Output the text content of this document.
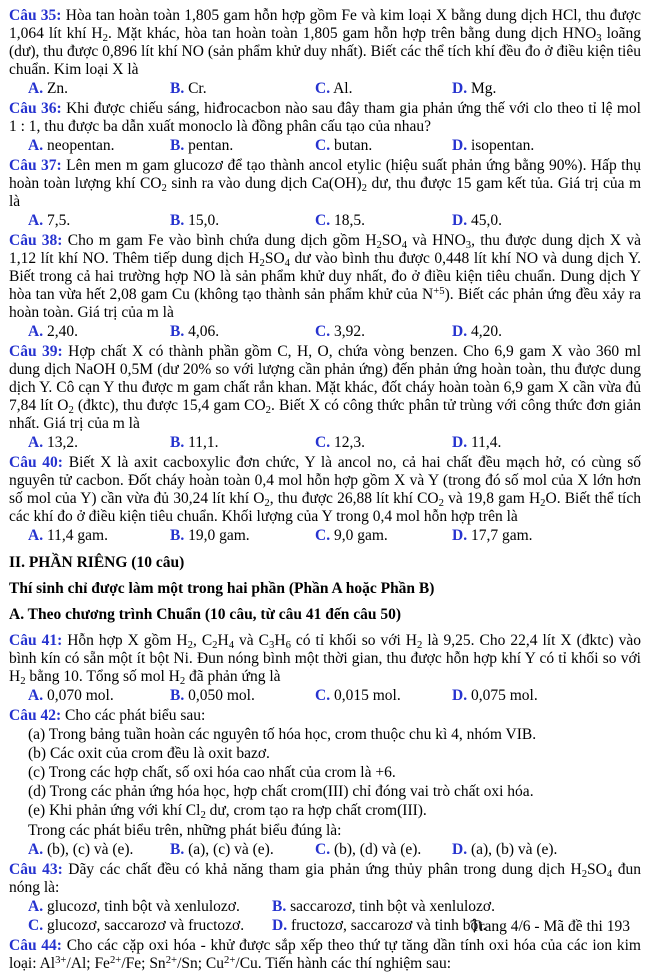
Câu 35: Hòa tan hoàn toàn 1,805 gam hỗn hợp gồm Fe và kim loại X bằng dung dịch HCl, thu được 1,064 lít khí $H_2$. Mặt khác, hòa tan hoàn toàn 1,805 gam hỗn hợp trên bằng dung dịch $HNO_3$ loãng (dư), thu được 0,896 lít khí NO (sản phẩm khử duy nhất). Biết các thể tích khí đều đo ở điều kiện tiêu chuẩn. Kim loại X là
A. Zn.	B. Cr.	C. Al.	D. Mg.
Câu 36: Khi được chiếu sáng, hiđrocacbon nào sau đây tham gia phản ứng thế với clo theo tỉ lệ mol 1 : 1, thu được ba dẫn xuất monoclo là đồng phân cấu tạo của nhau?
A. neopentan.	B. pentan.	C. butan.	D. isopentan.
Câu 37: Lên men m gam glucozơ để tạo thành ancol etylic (hiệu suất phản ứng bằng 90%). Hấp thụ hoàn toàn lượng khí $CO_2$ sinh ra vào dung dịch $Ca(OH)_2$ dư, thu được 15 gam kết tủa. Giá trị của m là
A. 7,5.	B. 15,0.	C. 18,5.	D. 45,0.
Câu 38: Cho m gam Fe vào bình chứa dung dịch gồm $H_2SO_4$ và $HNO_3$, thu được dung dịch X và 1,12 lít khí NO. Thêm tiếp dung dịch $H_2SO_4$ dư vào bình thu được 0,448 lít khí NO và dung dịch Y. Biết trong cả hai trường hợp NO là sản phẩm khử duy nhất, đo ở điều kiện tiêu chuẩn. Dung dịch Y hòa tan vừa hết 2,08 gam Cu (không tạo thành sản phẩm khử của $N^{+5}$). Biết các phản ứng đều xảy ra hoàn toàn. Giá trị của m là
A. 2,40.	B. 4,06.	C. 3,92.	D. 4,20.
Câu 39: Hợp chất X có thành phần gồm C, H, O, chứa vòng benzen. Cho 6,9 gam X vào 360 ml dung dịch NaOH 0,5M (dư 20% so với lượng cần phản ứng) đến phản ứng hoàn toàn, thu được dung dịch Y. Cô cạn Y thu được m gam chất rắn khan. Mặt khác, đốt cháy hoàn toàn 6,9 gam X cần vừa đủ 7,84 lít $O_2$ (đktc), thu được 15,4 gam $CO_2$. Biết X có công thức phân tử trùng với công thức đơn giản nhất. Giá trị của m là
A. 13,2.	B. 11,1.	C. 12,3.	D. 11,4.
Câu 40: Biết X là axit cacboxylic đơn chức, Y là ancol no, cả hai chất đều mạch hở, có cùng số nguyên tử cacbon. Đốt cháy hoàn toàn 0,4 mol hỗn hợp gồm X và Y (trong đó số mol của X lớn hơn số mol của Y) cần vừa đủ 30,24 lít khí $O_2$, thu được 26,88 lít khí $CO_2$ và 19,8 gam $H_2O$. Biết thể tích các khí đo ở điều kiện tiêu chuẩn. Khối lượng của Y trong 0,4 mol hỗn hợp trên là
A. 11,4 gam.	B. 19,0 gam.	C. 9,0 gam.	D. 17,7 gam.
II. PHẦN RIÊNG (10 câu)
Thí sinh chỉ được làm một trong hai phần (Phần A hoặc Phần B)
A. Theo chương trình Chuẩn (10 câu, từ câu 41 đến câu 50)
Câu 41: Hỗn hợp X gồm $H_2$, $C_2H_4$ và $C_3H_6$ có tỉ khối so với $H_2$ là 9,25. Cho 22,4 lít X (đktc) vào bình kín có sẵn một ít bột Ni. Đun nóng bình một thời gian, thu được hỗn hợp khí Y có tỉ khối so với $H_2$ bằng 10. Tổng số mol $H_2$ đã phản ứng là
A. 0,070 mol.	B. 0,050 mol.	C. 0,015 mol.	D. 0,075 mol.
Câu 42: Cho các phát biểu sau:
(a) Trong bảng tuần hoàn các nguyên tố hóa học, crom thuộc chu kì 4, nhóm VIB.
(b) Các oxit của crom đều là oxit bazơ.
(c) Trong các hợp chất, số oxi hóa cao nhất của crom là +6.
(d) Trong các phản ứng hóa học, hợp chất crom(III) chỉ đóng vai trò chất oxi hóa.
(e) Khi phản ứng với khí $Cl_2$ dư, crom tạo ra hợp chất crom(III).
Trong các phát biểu trên, những phát biểu đúng là:
A. (b), (c) và (e).	B. (a), (c) và (e).	C. (b), (d) và (e).	D. (a), (b) và (e).
Câu 43: Dãy các chất đều có khả năng tham gia phản ứng thủy phân trong dung dịch $H_2SO_4$ đun nóng là:
A. glucozơ, tinh bột và xenlulozơ.	B. saccarozơ, tinh bột và xenlulozơ.
C. glucozơ, saccarozơ và fructozơ.	D. fructozơ, saccarozơ và tinh bột.
Câu 44: Cho các cặp oxi hóa - khử được sắp xếp theo thứ tự tăng dần tính oxi hóa của các ion kim loại: $Al^{3+}/Al$; $Fe^{2+}/Fe$; $Sn^{2+}/Sn$; $Cu^{2+}/Cu$. Tiến hành các thí nghiệm sau:
Trang 4/6 - Mã đề thi 193
